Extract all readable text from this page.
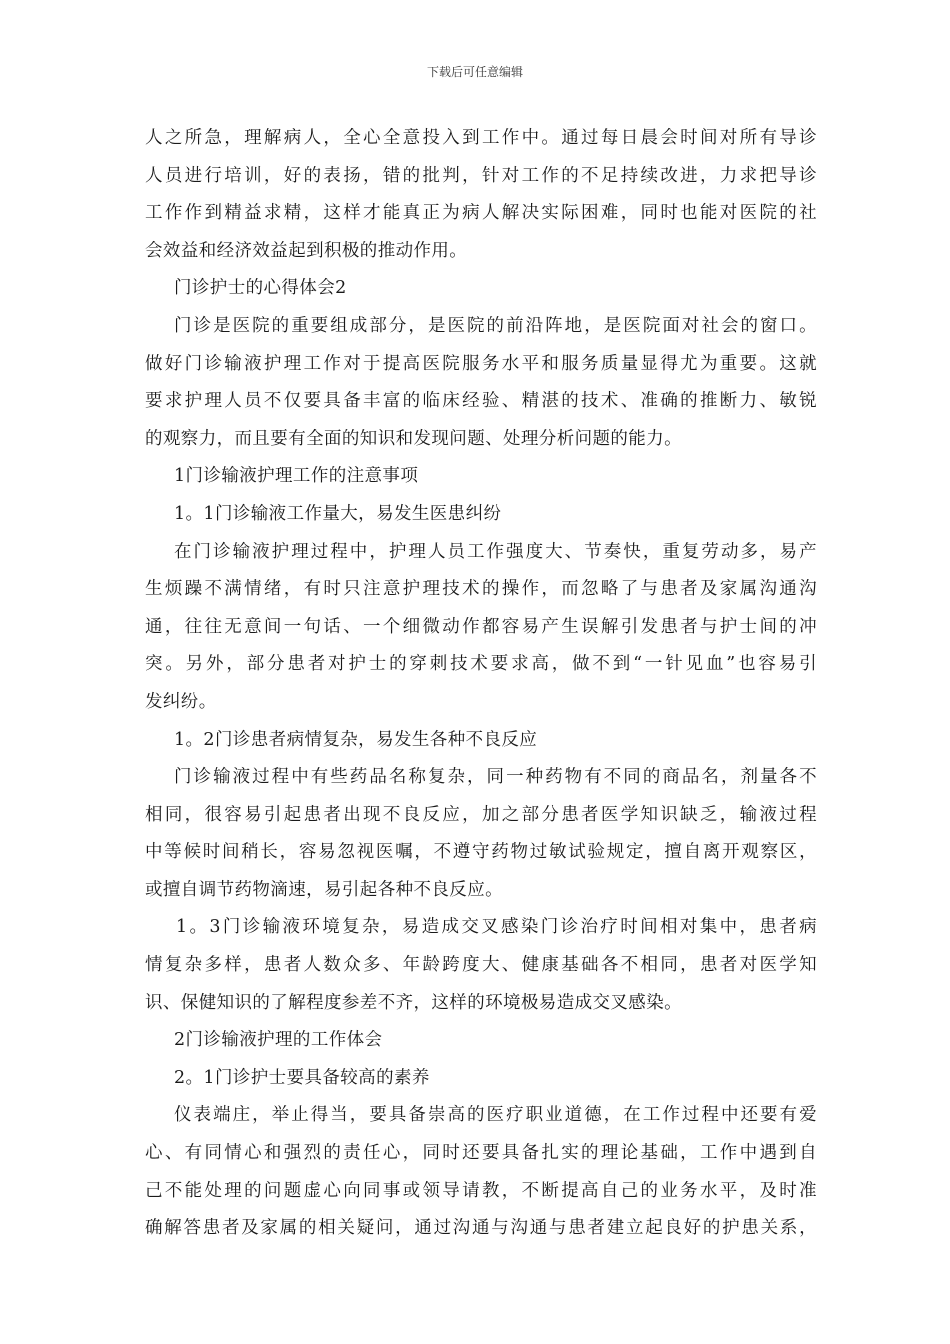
下载后可任意编辑

人之所急，理解病人，全心全意投入到工作中。通过每日晨会时间对所有导诊

人员进行培训，好的表扬，错的批判，针对工作的不足持续改进，力求把导诊

工作作到精益求精，这样才能真正为病人解决实际困难，同时也能对医院的社

会效益和经济效益起到积极的推动作用。

门诊护士的心得体会2

门诊是医院的重要组成部分，是医院的前沿阵地，是医院面对社会的窗口。

做好门诊输液护理工作对于提高医院服务水平和服务质量显得尤为重要。这就

要求护理人员不仅要具备丰富的临床经验、精湛的技术、准确的推断力、敏锐

的观察力，而且要有全面的知识和发现问题、处理分析问题的能力。

1门诊输液护理工作的注意事项

1。1门诊输液工作量大，易发生医患纠纷

在门诊输液护理过程中，护理人员工作强度大、节奏快，重复劳动多，易产

生烦躁不满情绪，有时只注意护理技术的操作，而忽略了与患者及家属沟通沟

通，往往无意间一句话、一个细微动作都容易产生误解引发患者与护士间的冲

突。另外，部分患者对护士的穿刺技术要求高，做不到“一针见血”也容易引

发纠纷。

1。2门诊患者病情复杂，易发生各种不良反应

门诊输液过程中有些药品名称复杂，同一种药物有不同的商品名，剂量各不

相同，很容易引起患者出现不良反应，加之部分患者医学知识缺乏，输液过程

中等候时间稍长，容易忽视医嘱，不遵守药物过敏试验规定，擅自离开观察区，

或擅自调节药物滴速，易引起各种不良反应。

1。3门诊输液环境复杂，易造成交叉感染门诊治疗时间相对集中，患者病

情复杂多样，患者人数众多、年龄跨度大、健康基础各不相同，患者对医学知

识、保健知识的了解程度参差不齐，这样的环境极易造成交叉感染。

2门诊输液护理的工作体会

2。1门诊护士要具备较高的素养

仪表端庄，举止得当，要具备崇高的医疗职业道德，在工作过程中还要有爱

心、有同情心和强烈的责任心，同时还要具备扎实的理论基础，工作中遇到自

己不能处理的问题虚心向同事或领导请教，不断提高自己的业务水平，及时准

确解答患者及家属的相关疑问，通过沟通与沟通与患者建立起良好的护患关系，
